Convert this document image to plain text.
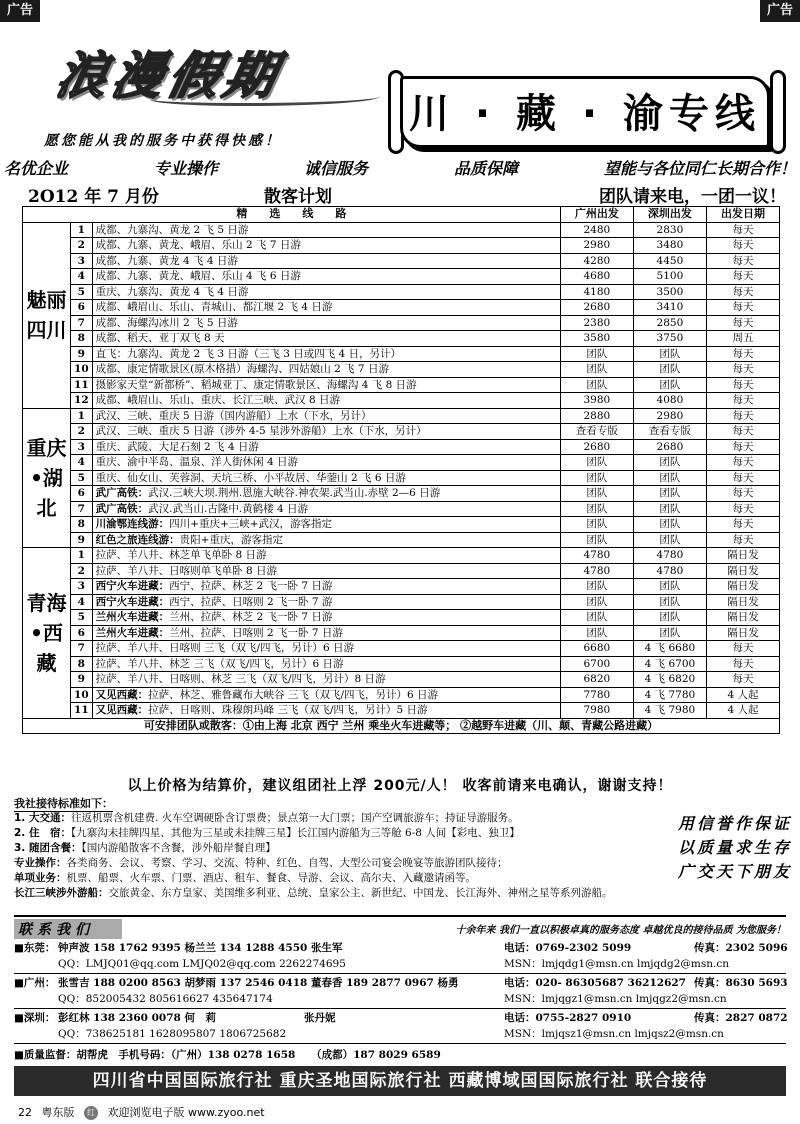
广告	广告
浪漫假期
愿您能从我的服务中获得快感！
川 · 藏 · 渝专线
名优企业	专业操作	诚信服务	品质保障	望能与各位同仁长期合作！
2O12 年 7 月份	散客计划	团队请来电，一团一议！
精　　选　　线　　路			广州出发	深圳出发	出发日期
魅丽四川	1	成都、九寨沟、黄龙 2 飞 5 日游	2480	2830	每天
	2	成都、九寨、黄龙、峨眉、乐山 2 飞 7 日游	2980	3480	每天
	3	成都、九寨、黄龙 4 飞 4 日游	4280	4450	每天
	4	成都、九寨、黄龙、峨眉、乐山 4 飞 6 日游	4680	5100	每天
	5	重庆、九寨沟、黄龙 4 飞 4 日游	4180	3500	每天
	6	成都、峨眉山、乐山、青城山、都江堰 2 飞 4 日游	2680	3410	每天
	7	成都、海螺沟冰川 2 飞 5 日游	2380	2850	每天
	8	成都、稻天、亚丁双飞 8 天	3580	3750	周五
	9	直飞：九寨沟、黄龙 2 飞 3 日游（三飞 3 日或四飞 4 日，另计）	团队	团队	每天
	10	成都、康定情歌景区(原木格措）海螺沟、四姑娘山 2 飞 7 日游	团队	团队	每天
	11	摄影家天堂“新都桥”、稻城亚丁、康定情歌景区、海螺沟 4 飞 8 日游	团队	团队	每天
	12	成都、峨眉山、乐山、重庆、长江三峡、武汉 8 日游	3980	4080	每天
重庆•湖北	1	武汉、三峡、重庆 5 日游（国内游船）上水（下水，另计）	2880	2980	每天
	2	武汉、三峡、重庆 5 日游（涉外 4-5 星涉外游船）上水（下水，另计）	查看专版	查看专版	每天
	3	重庆、武陵、大足石刻 2 飞 4 日游	2680	2680	每天
	4	重庆、渝中半岛、温泉、洋人街休闲 4 日游	团队	团队	每天
	5	重庆、仙女山、芙蓉洞、天坑三桥、小平故居、华蓥山 2 飞 6 日游	团队	团队	每天
	6	武广高铁：武汉.三峡大坝.荆州.恩施大峡谷.神农架.武当山.赤壁 2—6 日游	团队	团队	每天
	7	武广高铁：武汉.武当山.古隆中.黄鹤楼 4 日游	团队	团队	每天
	8	川渝鄂连线游：四川+重庆+三峡+武汉，游客指定	团队	团队	每天
	9	红色之旅连线游：贵阳+重庆，游客指定	团队	团队	每天
青海•西藏	1	拉萨、羊八井、林芝单飞单卧 8 日游	4780	4780	隔日发
	2	拉萨、羊八井、日喀则单飞单卧 8 日游	4780	4780	隔日发
	3	西宁火车进藏：西宁、拉萨、林芝 2 飞一卧 7 日游	团队	团队	隔日发
	4	西宁火车进藏：西宁、拉萨、日喀则 2 飞一卧 7 游	团队	团队	隔日发
	5	兰州火车进藏：兰州、拉萨、林芝 2 飞一卧 7 日游	团队	团队	隔日发
	6	兰州火车进藏：兰州、拉萨、日喀则 2 飞一卧 7 日游	团队	团队	隔日发
	7	拉萨、羊八井、日喀则 三飞（双飞/四飞，另计）6 日游	6680	4 飞 6680	每天
	8	拉萨、羊八井、林芝 三飞（双飞/四飞，另计）6 日游	6700	4 飞 6700	每天
	9	拉萨、羊八井、日喀则、林芝 三飞（双飞/四飞，另计）8 日游	6820	4 飞 6820	每天
	10	又见西藏：拉萨、林芝、雅鲁藏布大峡谷 三飞（双飞/四飞，另计）6 日游	7780	4 飞 7780	4 人起
	11	又见西藏：拉萨、日喀则、珠穆朗玛峰 三飞（双飞/四飞，另计）5 日游	7980	4 飞 7980	4 人起
可安排团队或散客：①由上海 北京 西宁 兰州 乘坐火车进藏等； ②越野车进藏（川、颠、青藏公路进藏）					
以上价格为结算价，建议组团社上浮 200元/人！ 收客前请来电确认，谢谢支持！
我社接待标准如下：
1. 大交通：往返机票含机建费. 火车空调硬卧含订票费；景点第一大门票；国产空调旅游车；持证导游服务。
2. 住　宿：【九寨沟未挂牌四星、其他为三星或未挂牌三星】长江国内游船为三等舱 6-8 人间【彩电、独卫】
3. 随团含餐：【国内游船散客不含餐，涉外船岸餐自理】
专业操作：各类商务、会议、考察、学习、交流、特种、红色、自驾、大型公司宴会晚宴等旅游团队接待；
单项业务：机票、船票、火车票、门票、酒店、租车、餐食、导游、会议、高尔夫、入藏邀请函等。
长江三峡涉外游船：交旅黄金、东方皇家、美国维多利亚、总统、皇家公主、新世纪、中国龙、长江海外、神州之星等系列游船。
用信誉作保证
以质量求生存
广交天下朋友
联系我们	十余年来 我们一直以积极卓真的服务态度 卓越优良的接待品质 为您服务！
■东莞： 钟声波 158 1762 9395 杨兰兰 134 1288 4550 张生军	电话：0769-2302 5099	传真：2302 5096
QQ：LMJQ01@qq.com LMJQ02@qq.com 2262274695	MSN：lmjqdg1@msn.cn lmjqdg2@msn.cn
■广州： 张雪吉 188 0200 8563 胡梦雨 137 2546 0418 董春香 189 2877 0967 杨勇	电话：020- 86305687 36212627 传真：8630 5693
QQ：852005432 805616627 435647174	MSN：lmjqgz1@msn.cn lmjqgz2@msn.cn
■深圳： 彭红林 138 2360 0078 何　莉	张丹妮	电话：0755-2827 0910	传真：2827 0872
QQ：738625181 1628095807 1806725682	MSN：lmjqsz1@msn.cn lmjqsz2@msn.cn
■质量监督：胡帮虎　手机号码：（广州）138 0278 1658　　（成都）187 8029 6589
四川省中国国际旅行社 重庆圣地国际旅行社 西藏博域国国际旅行社 联合接待
22 粤东版 红 欢迎浏览电子版 www.zyoo.net
